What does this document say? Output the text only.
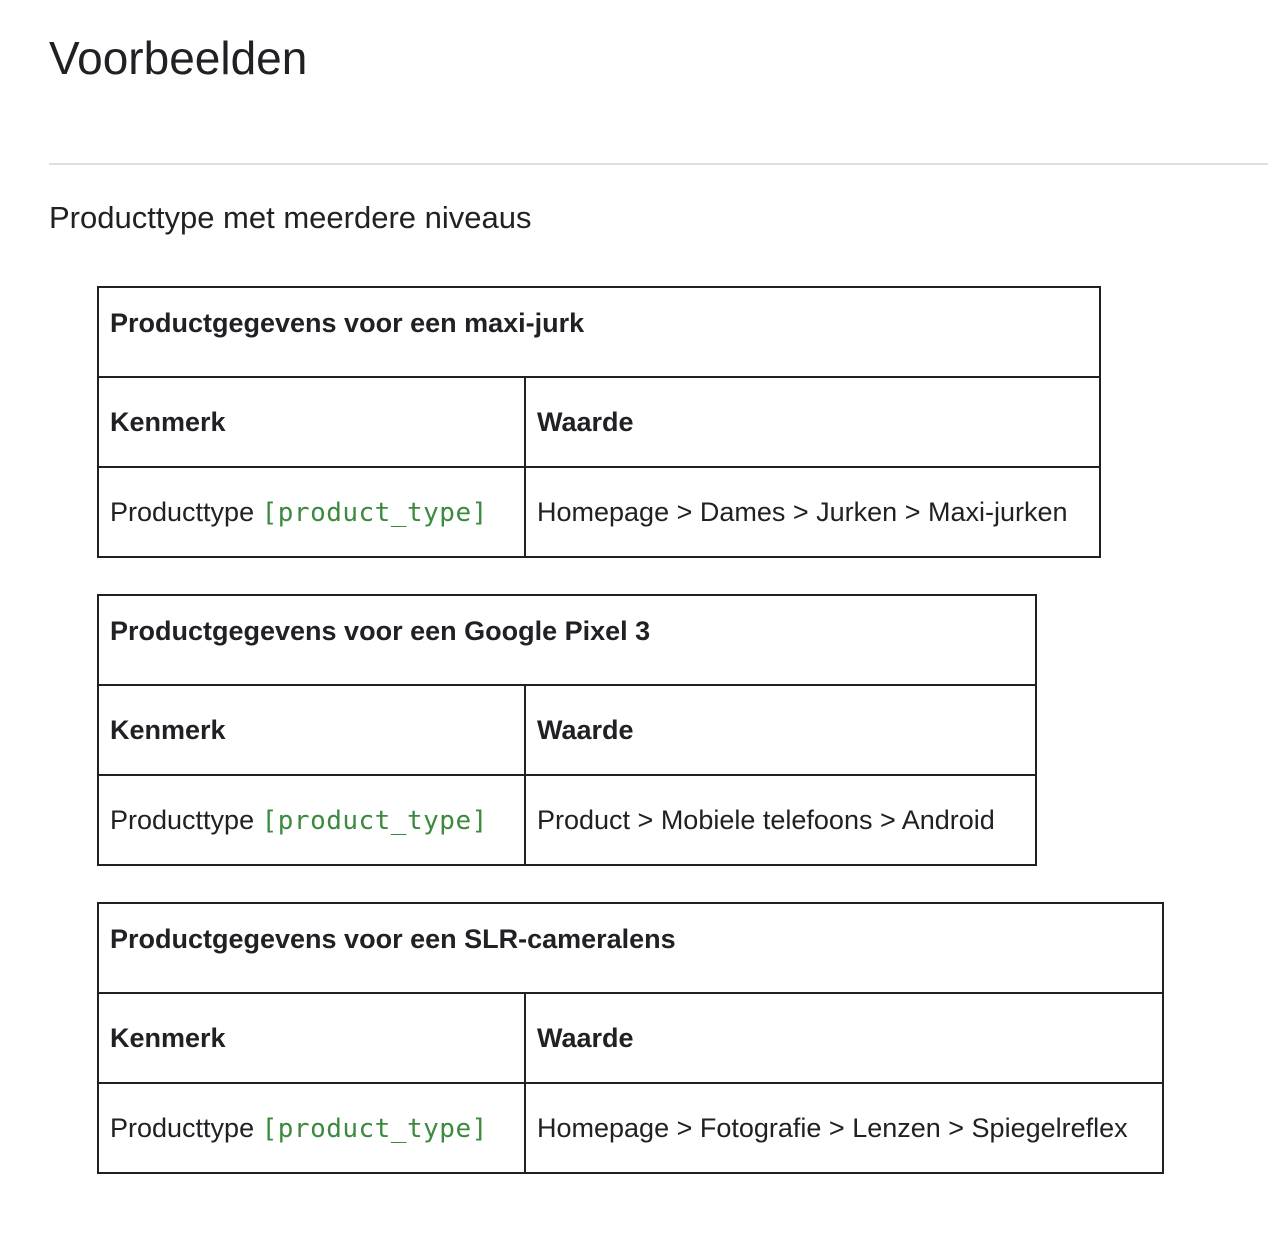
Voorbeelden
Producttype met meerdere niveaus
Productgegevens voor een maxi-jurk	
Kenmerk	Waarde
Producttype [product_type]	Homepage > Dames > Jurken > Maxi-jurken
Productgegevens voor een Google Pixel 3	
Kenmerk	Waarde
Producttype [product_type]	Product > Mobiele telefoons > Android
Productgegevens voor een SLR-cameralens	
Kenmerk	Waarde
Producttype [product_type]	Homepage > Fotografie > Lenzen > Spiegelreflex
